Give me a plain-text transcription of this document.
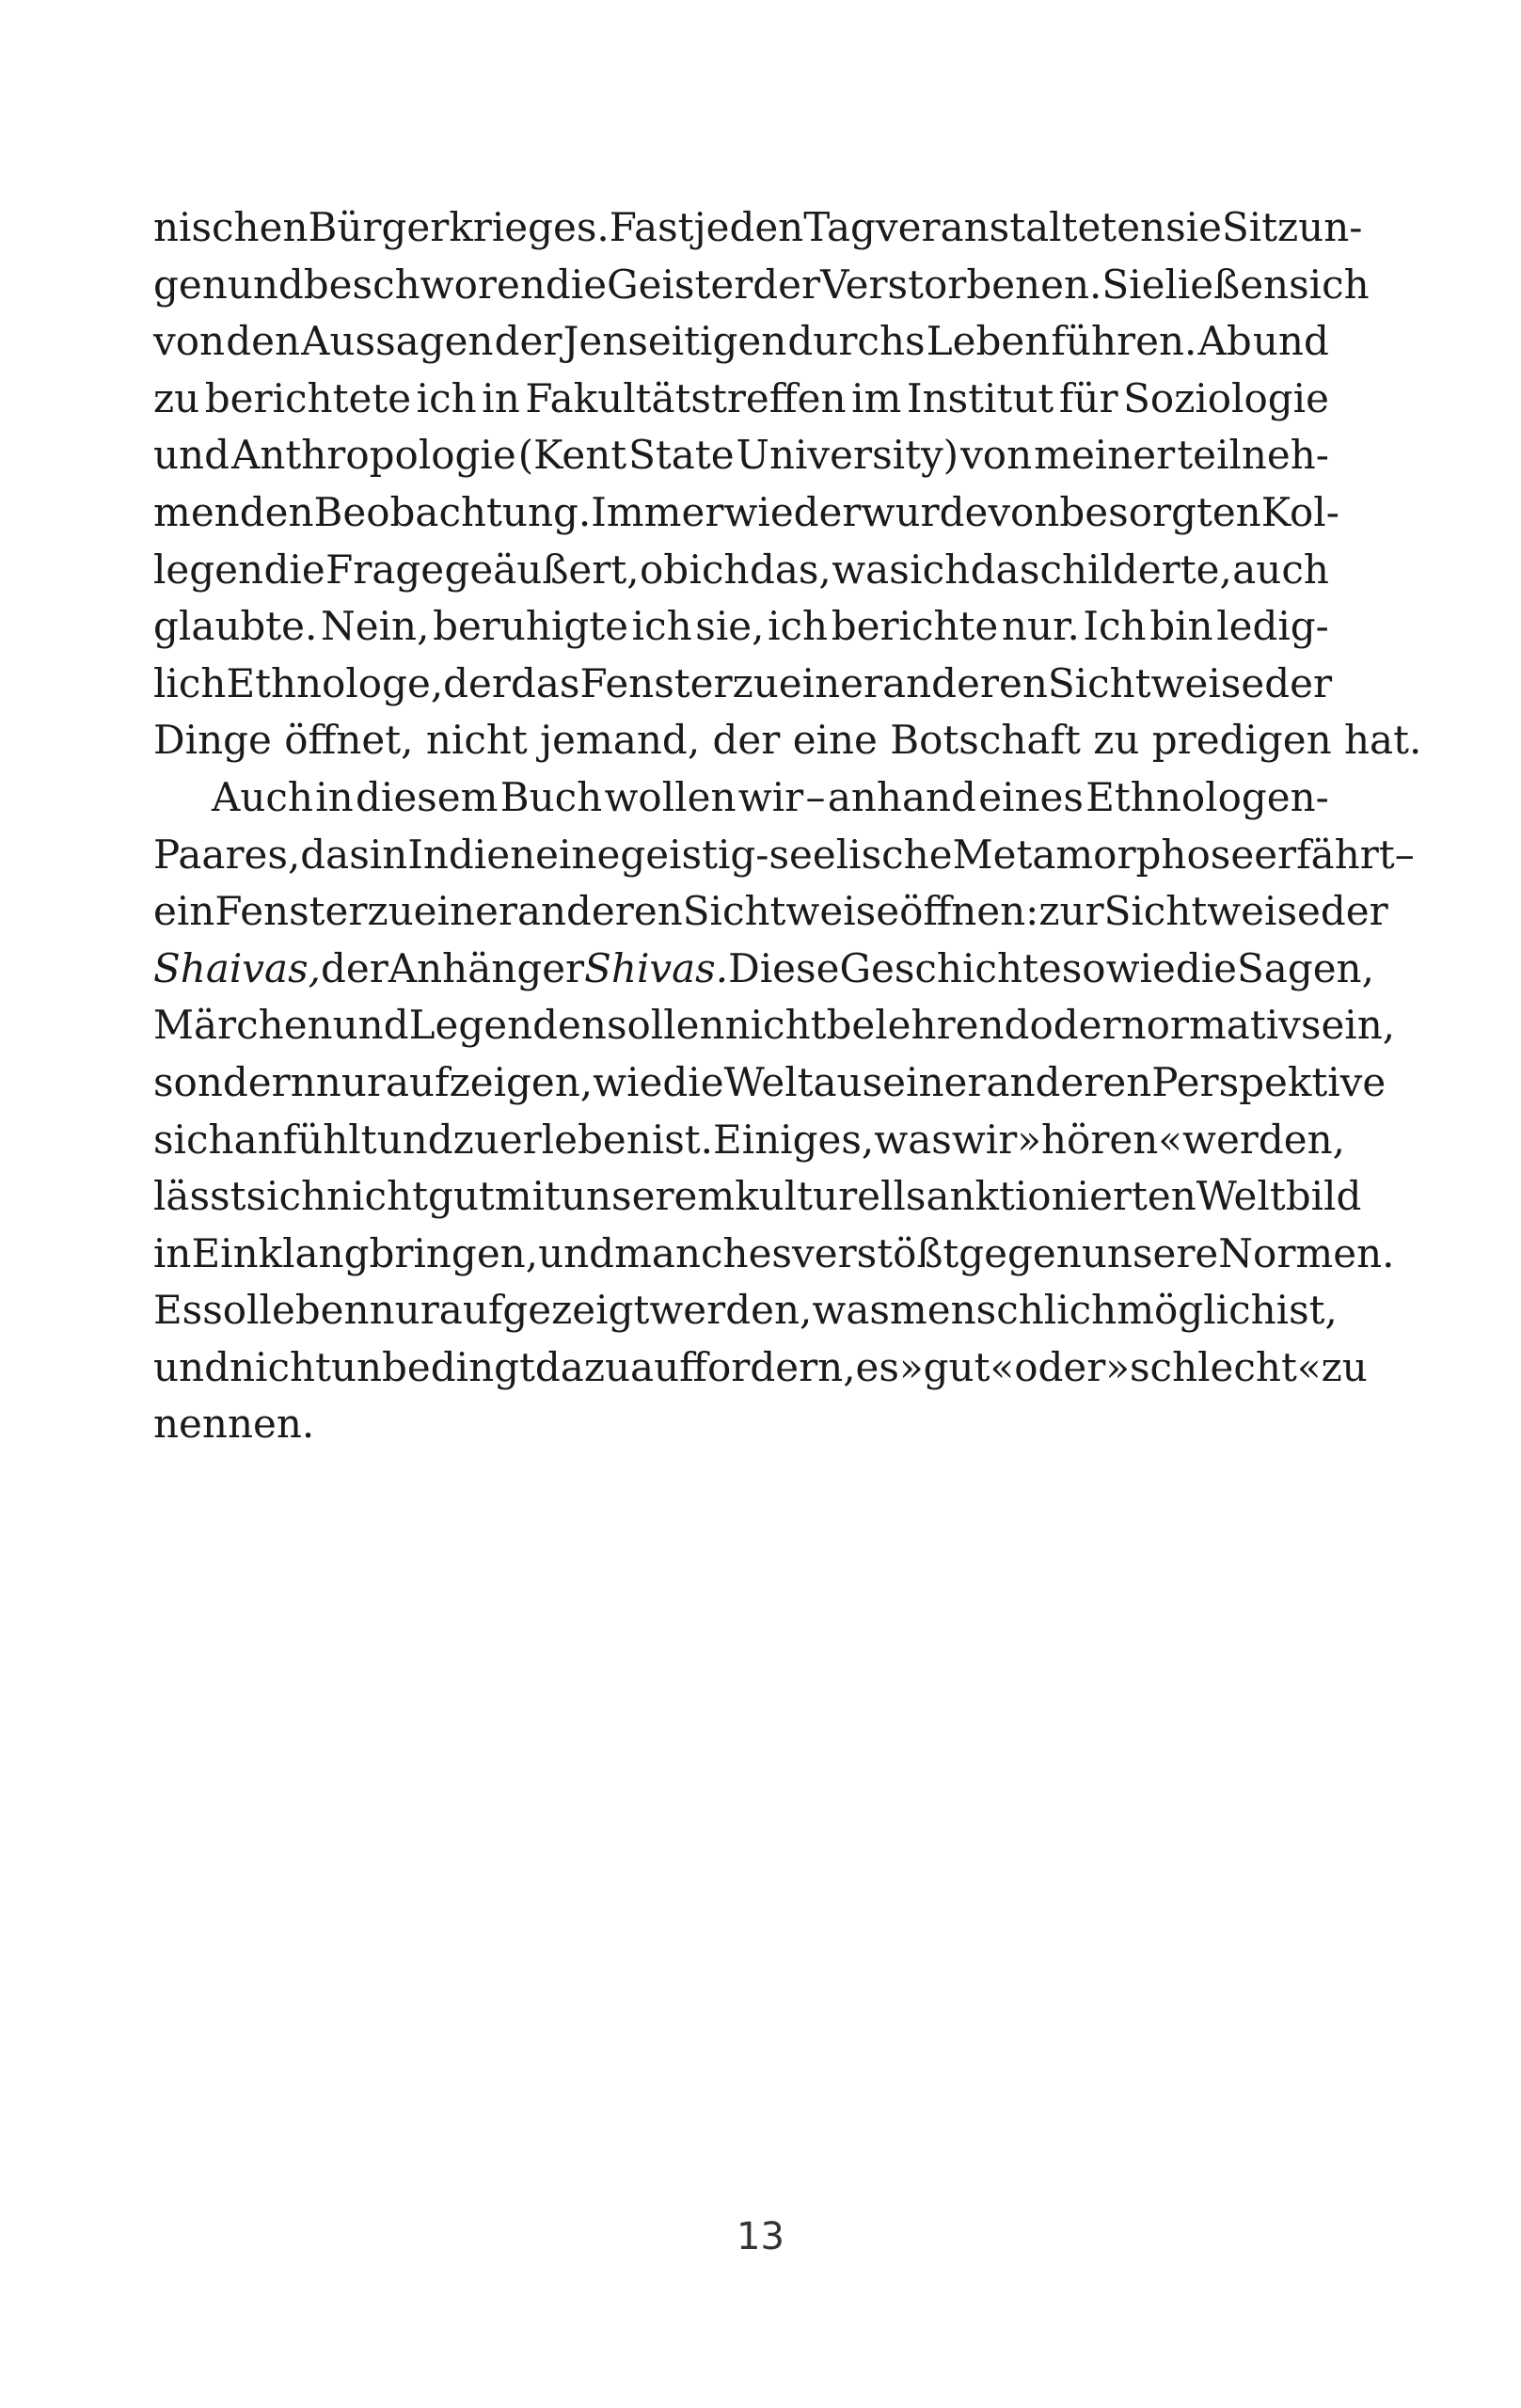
nischen Bürgerkrieges. Fast jeden Tag veranstalteten sie Sitzun-
gen und beschworen die Geister der Verstorbenen. Sie ließen sich
von den Aussagen der Jenseitigen durchs Leben führen. Ab und
zu berichtete ich in Fakultätstreffen im Institut für Soziologie
und Anthropologie (Kent State University) von meiner teilneh-
menden Beobachtung. Immer wieder wurde von besorgten Kol-
legen die Frage geäußert, ob ich das, was ich da schilderte, auch
glaubte. Nein, beruhigte ich sie, ich berichte nur. Ich bin ledig-
lich Ethnologe, der das Fenster zu einer anderen Sichtweise der
Dinge öffnet, nicht jemand, der eine Botschaft zu predigen hat.
Auch in diesem Buch wollen wir – anhand eines Ethnologen-
Paares, das in Indien eine geistig-seelische Metamorphose erfährt –
ein Fenster zu einer anderen Sichtweise öffnen: zur Sichtweise der
Shaivas, der Anhänger Shivas. Diese Geschichte sowie die Sagen,
Märchen und Legenden sollen nicht belehrend oder normativ sein,
sondern nur aufzeigen, wie die Welt aus einer anderen Perspektive
sich anfühlt und zu erleben ist. Einiges, was wir »hören« werden,
lässt sich nicht gut mit unserem kulturell sanktionierten Weltbild
in Einklang bringen, und manches verstößt gegen unsere Normen.
Es soll eben nur aufgezeigt werden, was menschlich möglich ist,
und nicht unbedingt dazu auffordern, es »gut« oder »schlecht« zu
nennen.
13
